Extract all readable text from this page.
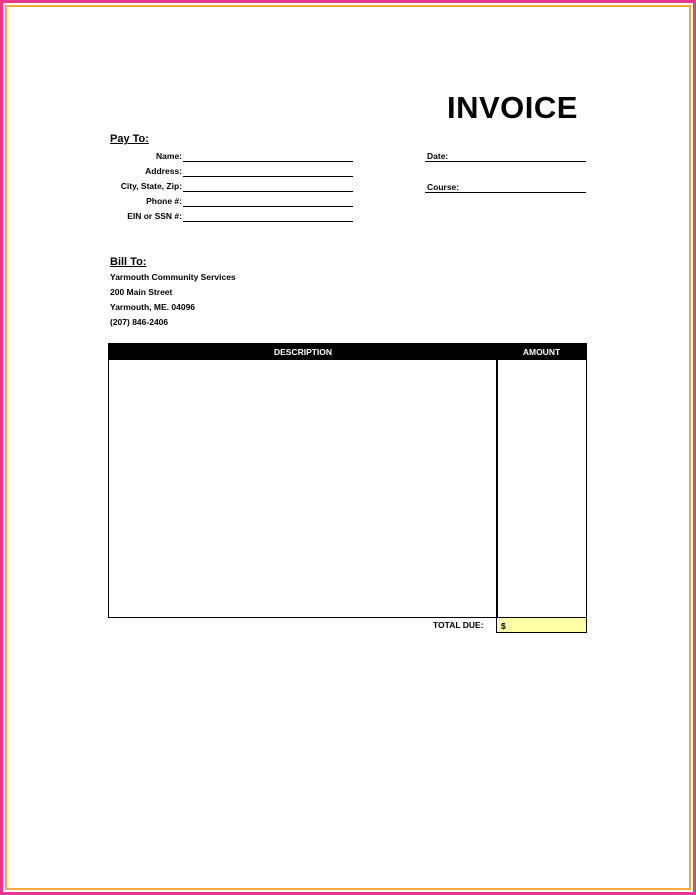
INVOICE
Pay To:
Name:
Address:
City, State, Zip:
Phone #:
EIN or SSN #:
Date:
Course:
Bill To:
Yarmouth Community Services
200 Main Street
Yarmouth, ME. 04096
(207) 846-2406
DESCRIPTION	AMOUNT
TOTAL DUE:	$
